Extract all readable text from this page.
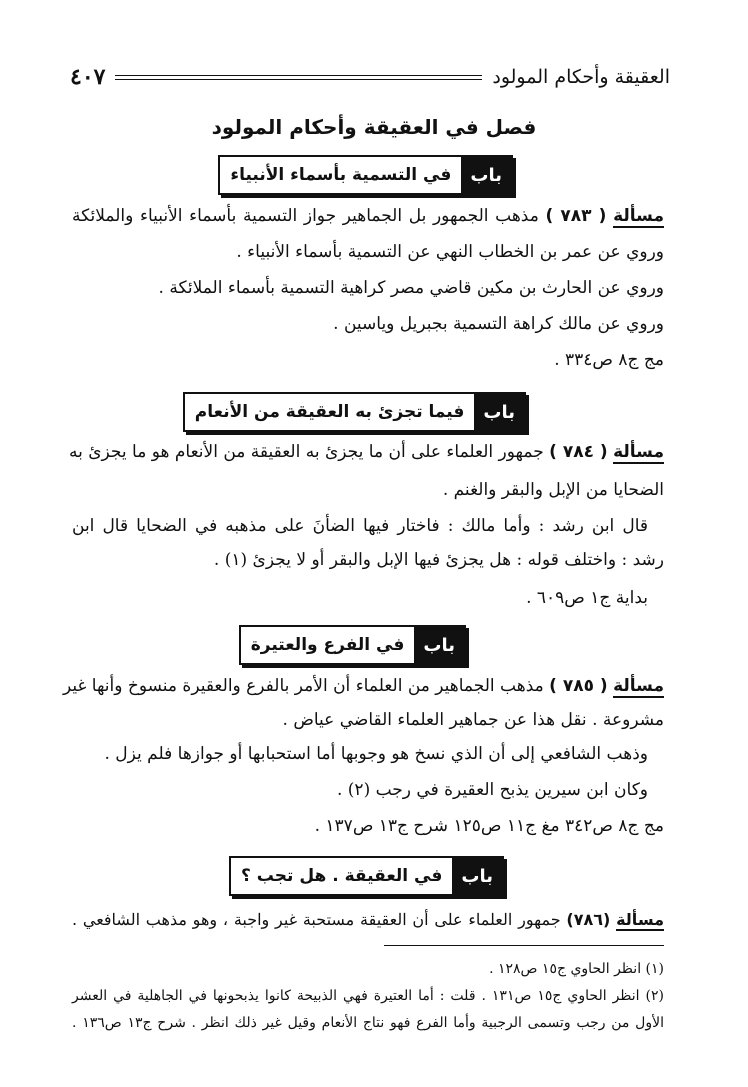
العقيقة وأحكام المولود
٤٠٧
فصل في العقيقة وأحكام المولود
باب
في التسمية بأسماء الأنبياء
مسألة ( ٧٨٣ ) مذهب الجمهور بل الجماهير جواز التسمية بأسماء الأنبياء والملائكة
وروي عن عمر بن الخطاب النهي عن التسمية بأسماء الأنبياء .
وروي عن الحارث بن مكين قاضي مصر كراهية التسمية بأسماء الملائكة .
وروي عن مالك كراهة التسمية بجبريل وياسين .
مج ج٨ ص٣٣٤ .
باب
فيما تجزئ به العقيقة من الأنعام
مسألة ( ٧٨٤ ) جمهور العلماء على أن ما يجزئ به العقيقة من الأنعام هو ما يجزئ به
الضحايا من الإبل والبقر والغنم .
قال ابن رشد : وأما مالك : فاختار فيها الضأنَ على مذهبه في الضحايا قال ابن
رشد : واختلف قوله : هل يجزئ فيها الإبل والبقر أو لا يجزئ (١) .
بداية ج١ ص٦٠٩ .
باب
في الفرع والعتيرة
مسألة ( ٧٨٥ ) مذهب الجماهير من العلماء أن الأمر بالفرع والعقيرة منسوخ وأنها غير
مشروعة . نقل هذا عن جماهير العلماء القاضي عياض .
وذهب الشافعي إلى أن الذي نسخ هو وجوبها أما استحبابها أو جوازها فلم يزل .
وكان ابن سيرين يذبح العقيرة في رجب (٢) .
مج ج٨ ص٣٤٢ مغ ج١١ ص١٢٥ شرح ج١٣ ص١٣٧ .
باب
في العقيقة . هل تجب ؟
مسألة (٧٨٦) جمهور العلماء على أن العقيقة مستحبة غير واجبة ، وهو مذهب الشافعي .
(١) انظر الحاوي ج١٥ ص١٢٨ .
(٢) انظر الحاوي ج١٥ ص١٣١ . قلت : أما العتيرة فهي الذبيحة كانوا يذبحونها في الجاهلية في العشر
الأول من رجب وتسمى الرجبية وأما الفرع فهو نتاج الأنعام وقيل غير ذلك انظر . شرح ج١٣ ص١٣٦ .
